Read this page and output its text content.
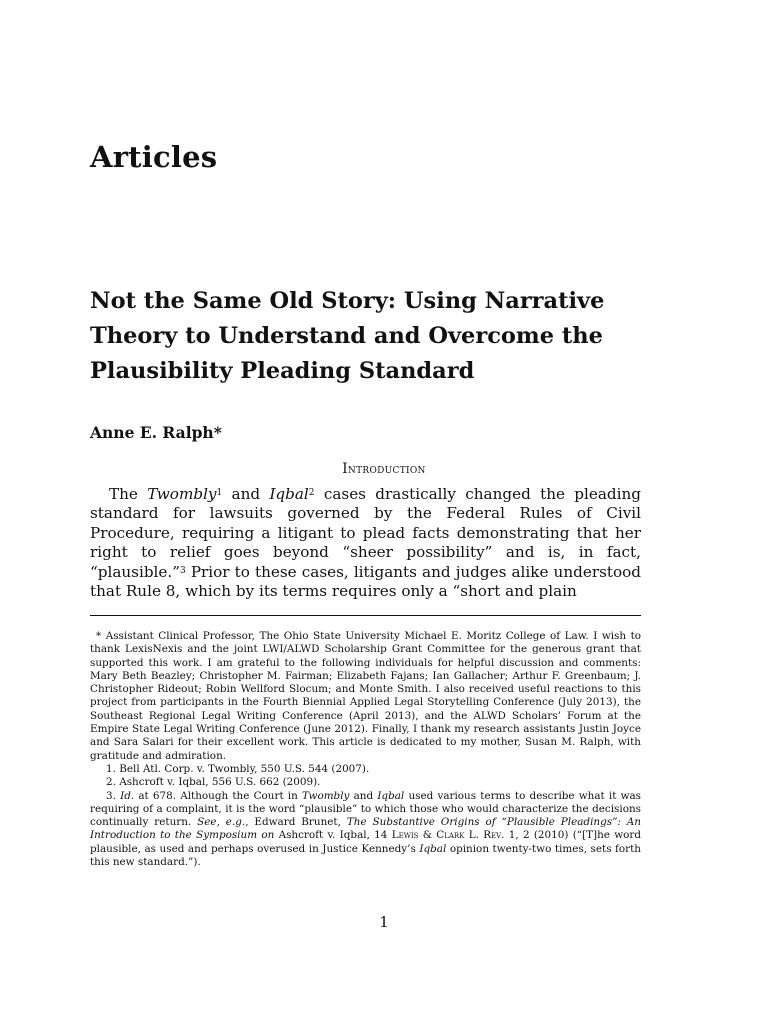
Articles
Not the Same Old Story: Using Narrative Theory to Understand and Overcome the Plausibility Pleading Standard
Anne E. Ralph*
Introduction

The Twombly$^1$ and Iqbal$^2$ cases drastically changed the pleading standard for lawsuits governed by the Federal Rules of Civil Procedure, requiring a litigant to plead facts demonstrating that her right to relief goes beyond “sheer possibility” and is, in fact, “plausible.”$^3$ Prior to these cases, litigants and judges alike understood that Rule 8, which by its terms requires only a “short and plain

* Assistant Clinical Professor, The Ohio State University Michael E. Moritz College of Law. I wish to thank LexisNexis and the joint LWI/ALWD Scholarship Grant Committee for the generous grant that supported this work. I am grateful to the following individuals for helpful discussion and comments: Mary Beth Beazley; Christopher M. Fairman; Elizabeth Fajans; Ian Gallacher; Arthur F. Greenbaum; J. Christopher Rideout; Robin Wellford Slocum; and Monte Smith. I also received useful reactions to this project from participants in the Fourth Biennial Applied Legal Storytelling Conference (July 2013), the Southeast Regional Legal Writing Conference (April 2013), and the ALWD Scholars’ Forum at the Empire State Legal Writing Conference (June 2012). Finally, I thank my research assistants Justin Joyce and Sara Salari for their excellent work. This article is dedicated to my mother, Susan M. Ralph, with gratitude and admiration.

1. Bell Atl. Corp. v. Twombly, 550 U.S. 544 (2007).

2. Ashcroft v. Iqbal, 556 U.S. 662 (2009).

3. Id. at 678. Although the Court in Twombly and Iqbal used various terms to describe what it was requiring of a complaint, it is the word “plausible” to which those who would characterize the decisions continually return. See, e.g., Edward Brunet, The Substantive Origins of “Plausible Pleadings”: An Introduction to the Symposium on Ashcroft v. Iqbal, 14 Lewis & Clark L. Rev. 1, 2 (2010) (“[T]he word plausible, as used and perhaps overused in Justice Kennedy’s Iqbal opinion twenty-two times, sets forth this new standard.”).

1
